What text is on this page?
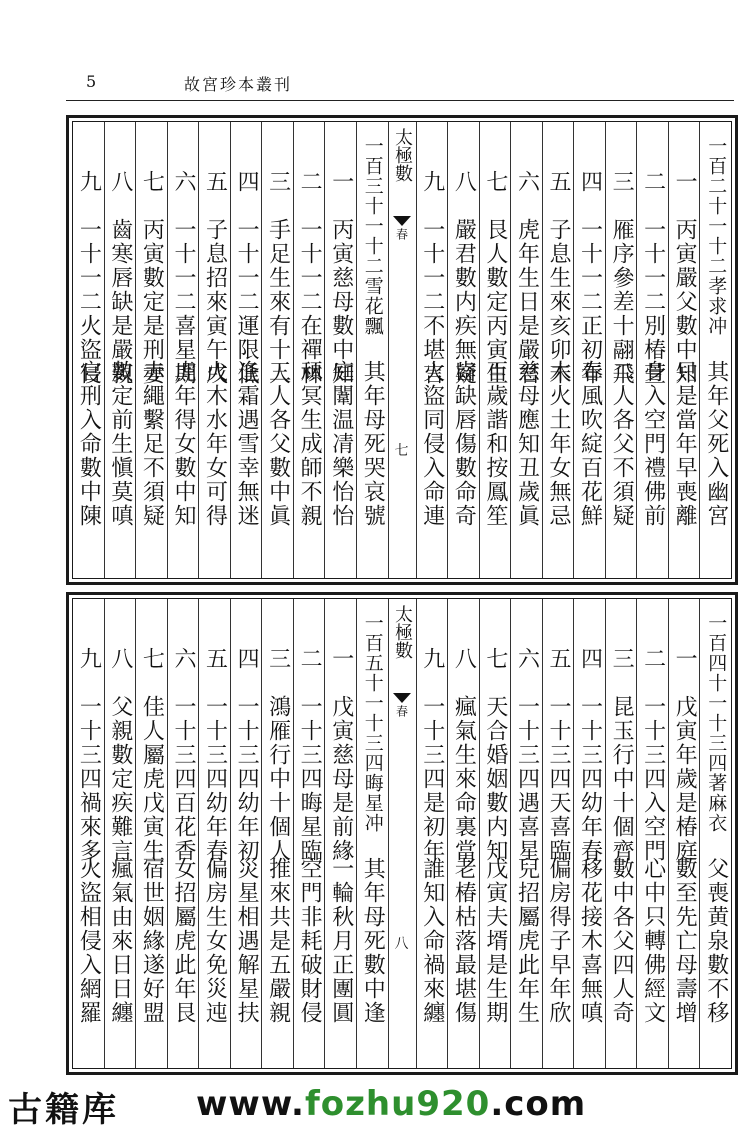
5	故宮珍本叢刊
一百二十一十二孝求冲
其年父死入幽宮
一
丙寅嚴父數中知
只是當年早喪離
二
一十一二別椿萱
身入空門禮佛前
三
雁序參差十翮飛
二人各父不須疑
四
一十一二正初年
春風吹綻百花鮮
五
子息生來亥卯未
木火土年女無忌
六
虎年生日是嚴君
慈母應知丑歲眞
七
艮人數定丙寅生
百歲諧和按鳳笙
八
嚴君數内疾無疑
齒缺唇傷數命奇
九
一十一二不堪言
火盜同侵入命連
太極數
春
七
一百三十一十二雪花飄
其年母死哭哀號
一
丙寅慈母數中知
庭闈温凊樂怡怡
二
一十一二在禪林
頑冥生成師不親
三
手足生來有十人
三人各父數中眞
四
一十一二運限低
逢霜遇雪幸無迷
五
子息招來寅午戌
火木水年女可得
六
一十一二喜星期
虎年得女數中知
七
丙寅數定是刑妻
赤繩繫足不須疑
八
齒寒唇缺是嚴親
數定前生愼莫嗔
九
一十一二火盜侵
官刑入命數中陳
一百四十一十三四著麻衣
父喪黄泉數不移
一
戊寅年歲是椿庭
數至先亡母壽增
二
一十三四入空門
心中只轉佛經文
三
昆玉行中十個齊
數中各父四人奇
四
一十三四幼年春
移花接木喜無嗔
五
一十三四天喜臨
偏房得子早年欣
六
一十三四遇喜星
兒招屬虎此年生
七
天合婚姻數内知
戊寅夫壻是生期
八
瘋氣生來命裏當
老椿枯落最堪傷
九
一十三四是初年
誰知入命禍來纏
太極數
春
八
一百五十一十三四晦星冲
其年母死數中逢
一
戊寅慈母是前緣
一輪秋月正團圓
二
一十三四晦星臨
空門非耗破財侵
三
鴻雁行中十個人
推來共是五嚴親
四
一十三四幼年初
災星相遇解星扶
五
一十三四幼年春
偏房生女免災迍
六
一十三四百花香
女招屬虎此年艮
七
佳人屬虎戊寅生
宿世姻緣遂好盟
八
父親數定疾難言
瘋氣由來日日纏
九
一十三四禍來多
火盜相侵入網羅
古籍库 www.fozhu920.com
